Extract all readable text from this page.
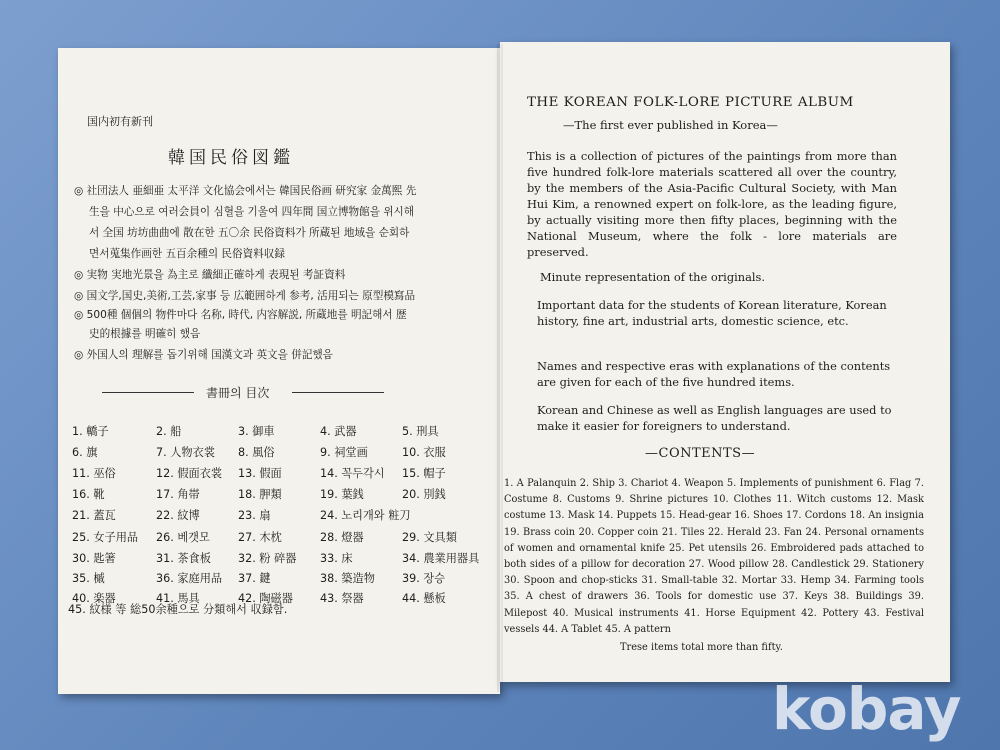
国内初有新刊
韓国民俗図鑑
◎ 社団法人 亜細亜 太平洋 文化協会에서는 韓国民俗画 研究家 金萬煕 先
生을 中心으로 여러会員이 심혈을 기울여 四年間 国立博物館을 위시해
서 全国 坊坊曲曲에 散在한 五〇余 民俗資料가 所蔵된 地域을 순회하
면서蒐集作画한 五百余種의 民俗資料収録
◎ 実物 実地光景을 為主로 纖細正確하게 表現된 考証資料
◎ 国文学,国史,美術,工芸,家事 등 広範囲하게 参考, 活用되는 原型模寫品
◎ 500種 個個의 物件마다 名称, 時代, 内容解説, 所蔵地를 明記해서 歴
史的根據를 明確히 했음
◎ 外国人의 理解를 돕기위해 国漢文과 英文을 併記했음
書冊의 目次
1. 轎子	2. 船	3. 御車	4. 武器	5. 刑具
6. 旗	7. 人物衣裳 8. 風俗	9. 祠堂画	10. 衣服
11. 巫俗	12. 假面衣裳 13. 假面	14. 꼭두각시 15. 帽子
16. 靴	17. 角帯	18. 胛類	19. 葉銭	20. 別銭
21. 蓋瓦	22. 紋博	23. 扇	24. 노리개와 粧刀
25. 女子用品 26. 베갯모	27. 木枕	28. 燈器	29. 文具類
30. 匙箸	31. 茶食板 32. 粉 碎器 33. 床	34. 農業用器具
35. 槭	36. 家庭用品 37. 鍵	38. 築造物 39. 장승
40. 楽器	41. 馬具	42. 陶磁器 43. 祭器	44. 懸板
45. 紋様 等 総50余種으로 分類해서 収録함.
THE KOREAN FOLK-LORE PICTURE ALBUM
—The first ever published in Korea—
This is a collection of pictures of the paintings from more than five hundred folk-lore materials scattered all over the country, by the members of the Asia-Pacific Cultural Society, with Man Hui Kim, a renowned expert on folk-lore, as the leading figure, by actually visiting more then fifty places, beginning with the National Museum, where the folk - lore materials are preserved.
Minute representation of the originals.
Important data for the students of Korean literature, Korean history, fine art, industrial arts, domestic science, etc.
Names and respective eras with explanations of the contents are given for each of the five hundred items.
Korean and Chinese as well as English languages are used to make it easier for foreigners to understand.
—CONTENTS—
1. A Palanquin 2. Ship 3. Chariot 4. Weapon 5. Implements of punishment 6. Flag 7. Costume 8. Customs 9. Shrine pictures 10. Clothes 11. Witch customs 12. Mask costume 13. Mask 14. Puppets 15. Head-gear 16. Shoes 17. Cordons 18. An insignia 19. Brass coin 20. Copper coin 21. Tiles 22. Herald 23. Fan 24. Personal ornaments of women and ornamental knife 25. Pet utensils 26. Embroidered pads attached to both sides of a pillow for decoration 27. Wood pillow 28. Candlestick 29. Stationery 30. Spoon and chop-sticks 31. Small-table 32. Mortar 33. Hemp 34. Farming tools 35. A chest of drawers 36. Tools for domestic use 37. Keys 38. Buildings 39. Milepost 40. Musical instruments 41. Horse Equipment 42. Pottery 43. Festival vessels 44. A Tablet 45. A pattern
Trese items total more than fifty.
kobay
